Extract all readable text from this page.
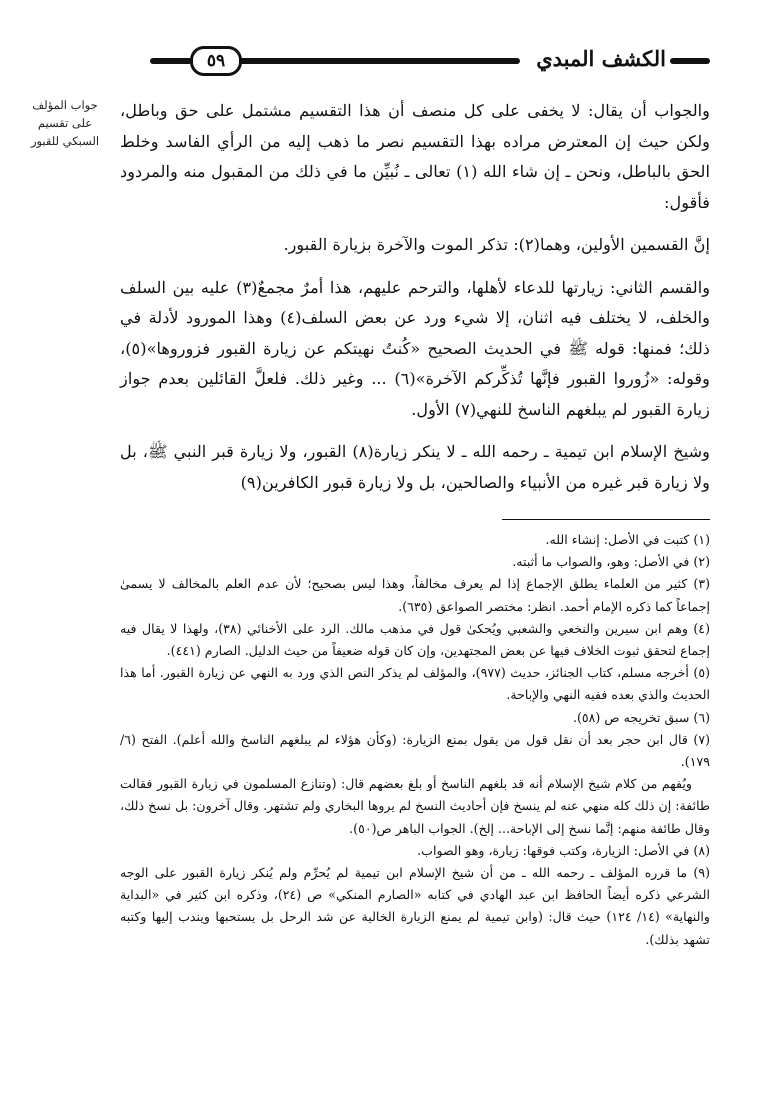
الكشف المبدي
٥٩
جواب المؤلف على تقسيم السبكي للقبور

والجواب أن يقال: لا يخفى على كل منصف أن هذا التقسيم مشتمل على حق وباطل، ولكن حيث إن المعترض مراده بهذا التقسيم نصر ما ذهب إليه من الرأي الفاسد وخلط الحق بالباطل، ونحن ـ إن شاء الله (١) تعالى ـ نُبيِّن ما في ذلك من المقبول منه والمردود فأقول:

إنَّ القسمين الأولين، وهما(٢): تذكر الموت والآخرة بزيارة القبور.

والقسم الثاني: زيارتها للدعاء لأهلها، والترحم عليهم، هذا أمرٌ مجمعٌ(٣) عليه بين السلف والخلف، لا يختلف فيه اثنان، إلا شيء ورد عن بعض السلف(٤) وهذا المورود لأدلة في ذلك؛ فمنها: قوله ﷺ في الحديث الصحيح «كُنتُ نهيتكم عن زيارة القبور فزوروها»(٥)، وقوله: «زُوروا القبور فإنَّها تُذكِّركم الآخرة»(٦) ... وغير ذلك. فلعلَّ القائلين بعدم جواز زيارة القبور لم يبلغهم الناسخ للنهي(٧) الأول.

وشيخ الإسلام ابن تيمية ـ رحمه الله ـ لا ينكر زيارة(٨) القبور، ولا زيارة قبر النبي ﷺ، بل ولا زيارة قبر غيره من الأنبياء والصالحين، بل ولا زيارة قبور الكافرين(٩)

(١) كتبت في الأصل: إنشاء الله.

(٢) في الأصل: وهو، والصواب ما أثبته.

(٣) كثير من العلماء يطلق الإجماع إذا لم يعرف مخالفاً، وهذا ليس بصحيح؛ لأن عدم العلم بالمخالف لا يسمىٰ إجماعاً كما ذكره الإمام أحمد. انظر: مختصر الصواعق (٦٣٥).

(٤) وهم ابن سيرين والنخعي والشعبي ويُحكىٰ قول في مذهب مالك. الرد على الأخنائي (٣٨)، ولهذا لا يقال فيه إجماع لتحقق ثبوت الخلاف فيها عن بعض المجتهدين، وإن كان قوله ضعيفاً من حيث الدليل. الصارم (٤٤١).

(٥) أخرجه مسلم، كتاب الجنائز، حديث (٩٧٧)، والمؤلف لم يذكر النص الذي ورد به النهي عن زيارة القبور. أما هذا الحديث والذي بعده ففيه النهي والإباحة.

(٦) سبق تخريجه ص (٥٨).

(٧) قال ابن حجر بعد أن نقل قول من يقول بمنع الزيارة: (وكأن هؤلاء لم يبلغهم الناسخ والله أعلم). الفتح (٦/ ١٧٩).

ويُفهم من كلام شيخ الإسلام أنه قد بلغهم الناسخ أو بلغ بعضهم قال: (وتنازع المسلمون في زيارة القبور فقالت طائفة: إن ذلك كله منهي عنه لم ينسخ فإن أحاديث النسخ لم يروها البخاري ولم تشتهر. وقال آخرون: بل نسخ ذلك، وقال طائفة منهم: إنَّما نسخ إلى الإباحة... إلخ). الجواب الباهر ص(٥٠).

(٨) في الأصل: الزيارة، وكتب فوقها: زيارة، وهو الصواب.

(٩) ما قرره المؤلف ـ رحمه الله ـ من أن شيخ الإسلام ابن تيمية لم يُحرِّم ولم يُنكر زيارة القبور على الوجه الشرعي ذكره أيضاً الحافظ ابن عبد الهادي في كتابه «الصارم المنكي» ص (٢٤)، وذكره ابن كثير في «البداية والنهاية» (١٤/ ١٢٤) حيث قال: (وابن تيمية لم يمنع الزيارة الخالية عن شد الرحل بل يستحبها ويندب إليها وكتبه تشهد بذلك).
